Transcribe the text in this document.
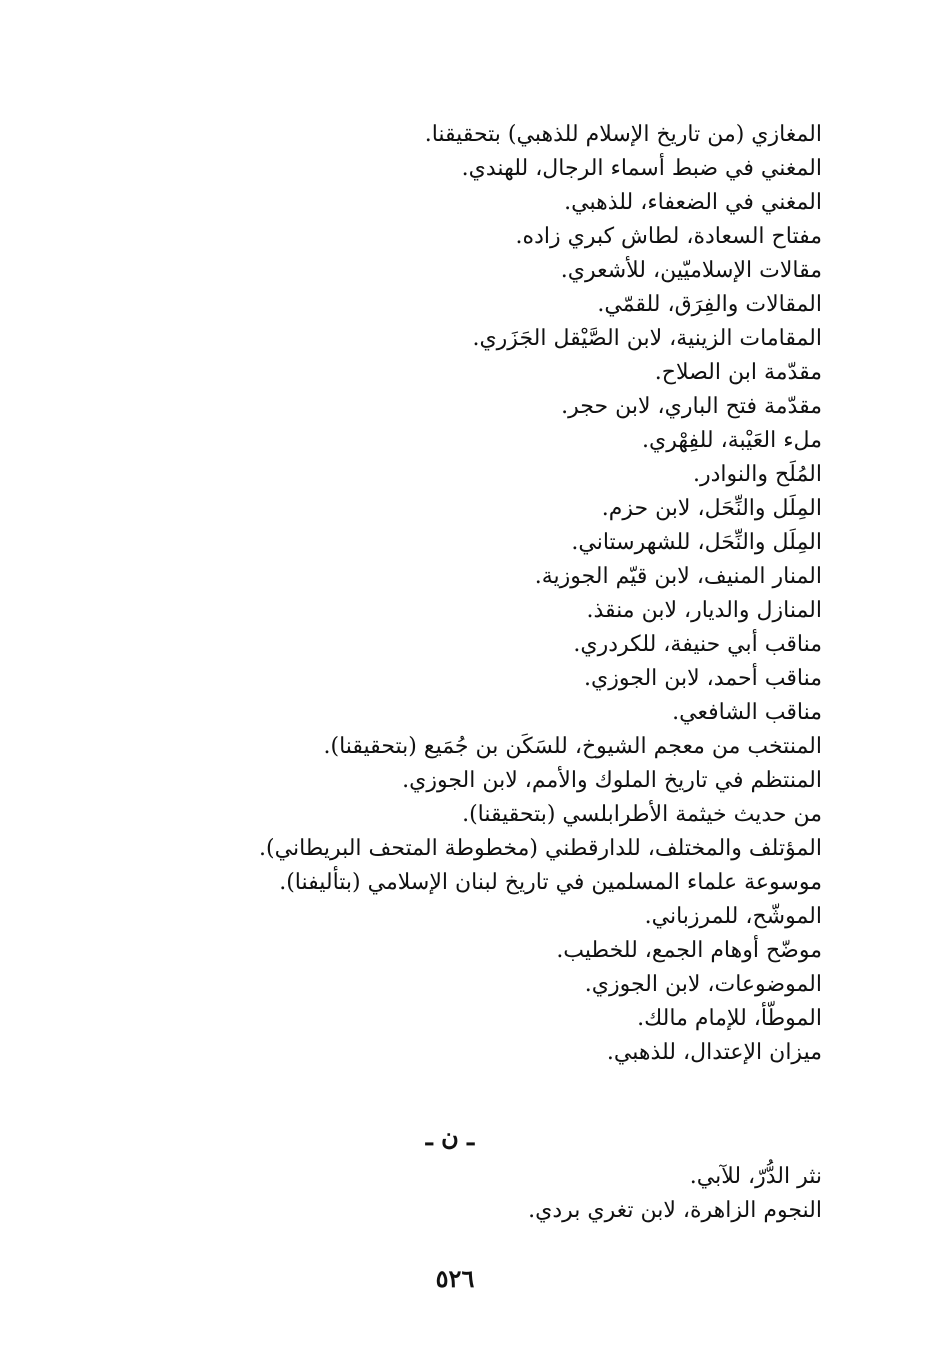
المغازي (من تاريخ الإسلام للذهبي) بتحقيقنا.
المغني في ضبط أسماء الرجال، للهندي.
المغني في الضعفاء، للذهبي.
مفتاح السعادة، لطاش كبري زاده.
مقالات الإسلاميّين، للأشعري.
المقالات والفِرَق، للقمّي.
المقامات الزينية، لابن الصَّيْقل الجَزَري.
مقدّمة ابن الصلاح.
مقدّمة فتح الباري، لابن حجر.
ملء العَيْبة، للفِهْري.
المُلَح والنوادر.
المِلَل والنِّحَل، لابن حزم.
المِلَل والنِّحَل، للشهرستاني.
المنار المنيف، لابن قيّم الجوزية.
المنازل والديار، لابن منقذ.
مناقب أبي حنيفة، للكردري.
مناقب أحمد، لابن الجوزي.
مناقب الشافعي.
المنتخب من معجم الشيوخ، للسَكَن بن جُمَيع (بتحقيقنا).
المنتظم في تاريخ الملوك والأمم، لابن الجوزي.
من حديث خيثمة الأطرابلسي (بتحقيقنا).
المؤتلف والمختلف، للدارقطني (مخطوطة المتحف البريطاني).
موسوعة علماء المسلمين في تاريخ لبنان الإسلامي (بتأليفنا).
الموشّح، للمرزباني.
موضّح أوهام الجمع، للخطيب.
الموضوعات، لابن الجوزي.
الموطّأ، للإمام مالك.
ميزان الإعتدال، للذهبي.
ـ ن ـ
نثر الدُّرّ، للآبي.
النجوم الزاهرة، لابن تغري بردي.
٥٢٦
